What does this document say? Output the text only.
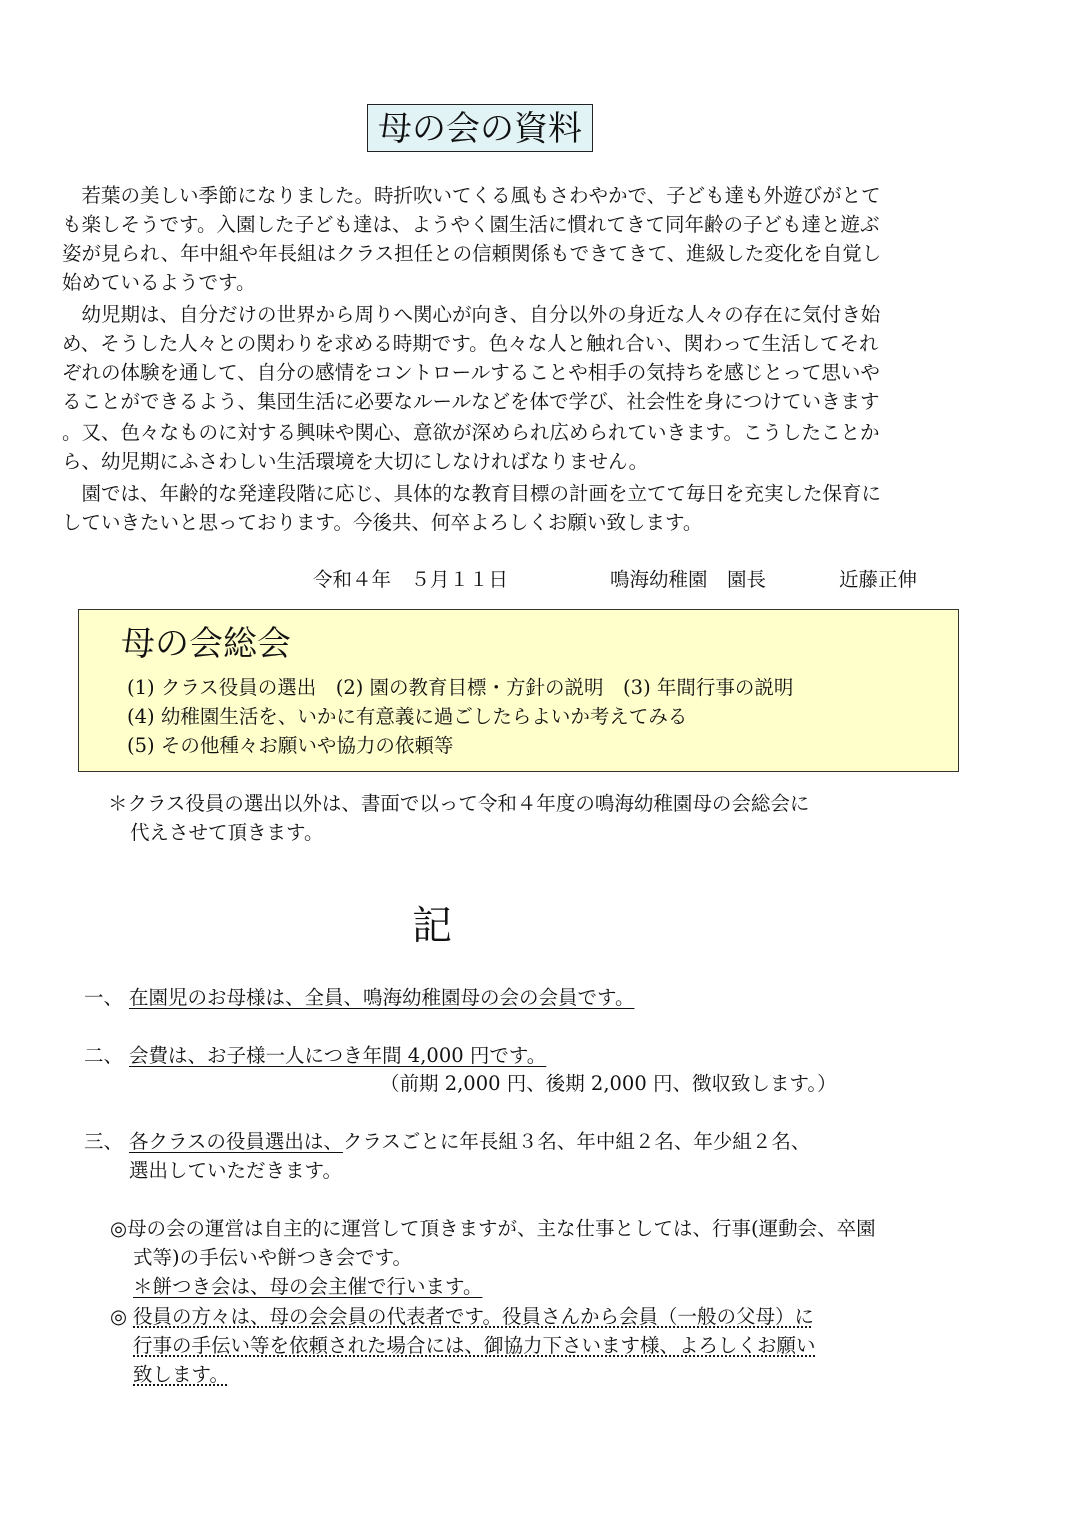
母の会の資料
　若葉の美しい季節になりました。時折吹いてくる風もさわやかで、子ども達も外遊びがとて
も楽しそうです。入園した子ども達は、ようやく園生活に慣れてきて同年齢の子ども達と遊ぶ
姿が見られ、年中組や年長組はクラス担任との信頼関係もできてきて、進級した変化を自覚し
始めているようです。
　幼児期は、自分だけの世界から周りへ関心が向き、自分以外の身近な人々の存在に気付き始
め、そうした人々との関わりを求める時期です。色々な人と触れ合い、関わって生活してそれ
ぞれの体験を通して、自分の感情をコントロールすることや相手の気持ちを感じとって思いや
ることができるよう、集団生活に必要なルールなどを体で学び、社会性を身につけていきます
。又、色々なものに対する興味や関心、意欲が深められ広められていきます。こうしたことか
ら、幼児期にふさわしい生活環境を大切にしなければなりません。
　園では、年齢的な発達段階に応じ、具体的な教育目標の計画を立てて毎日を充実した保育に
していきたいと思っております。今後共、何卒よろしくお願い致します。
令和４年　５月１１日	鳴海幼稚園　園長	近藤正伸
母の会総会
(1) クラス役員の選出　(2) 園の教育目標・方針の説明　(3) 年間行事の説明
(4) 幼稚園生活を、いかに有意義に過ごしたらよいか考えてみる
(5) その他種々お願いや協力の依頼等
＊クラス役員の選出以外は、書面で以って令和４年度の鳴海幼稚園母の会総会に
代えさせて頂きます。
記
一、 在園児のお母様は、全員、鳴海幼稚園母の会の会員です。
二、 会費は、お子様一人につき年間 4,000 円です。
（前期 2,000 円、後期 2,000 円、徴収致します。）
三、 各クラスの役員選出は、クラスごとに年長組３名、年中組２名、年少組２名、
選出していただきます。
◎母の会の運営は自主的に運営して頂きますが、主な仕事としては、行事(運動会、卒園
式等)の手伝いや餅つき会です。
＊餅つき会は、母の会主催で行います。
◎ 役員の方々は、母の会会員の代表者です。役員さんから会員（一般の父母）に
行事の手伝い等を依頼された場合には、御協力下さいます様、よろしくお願い
致します。
